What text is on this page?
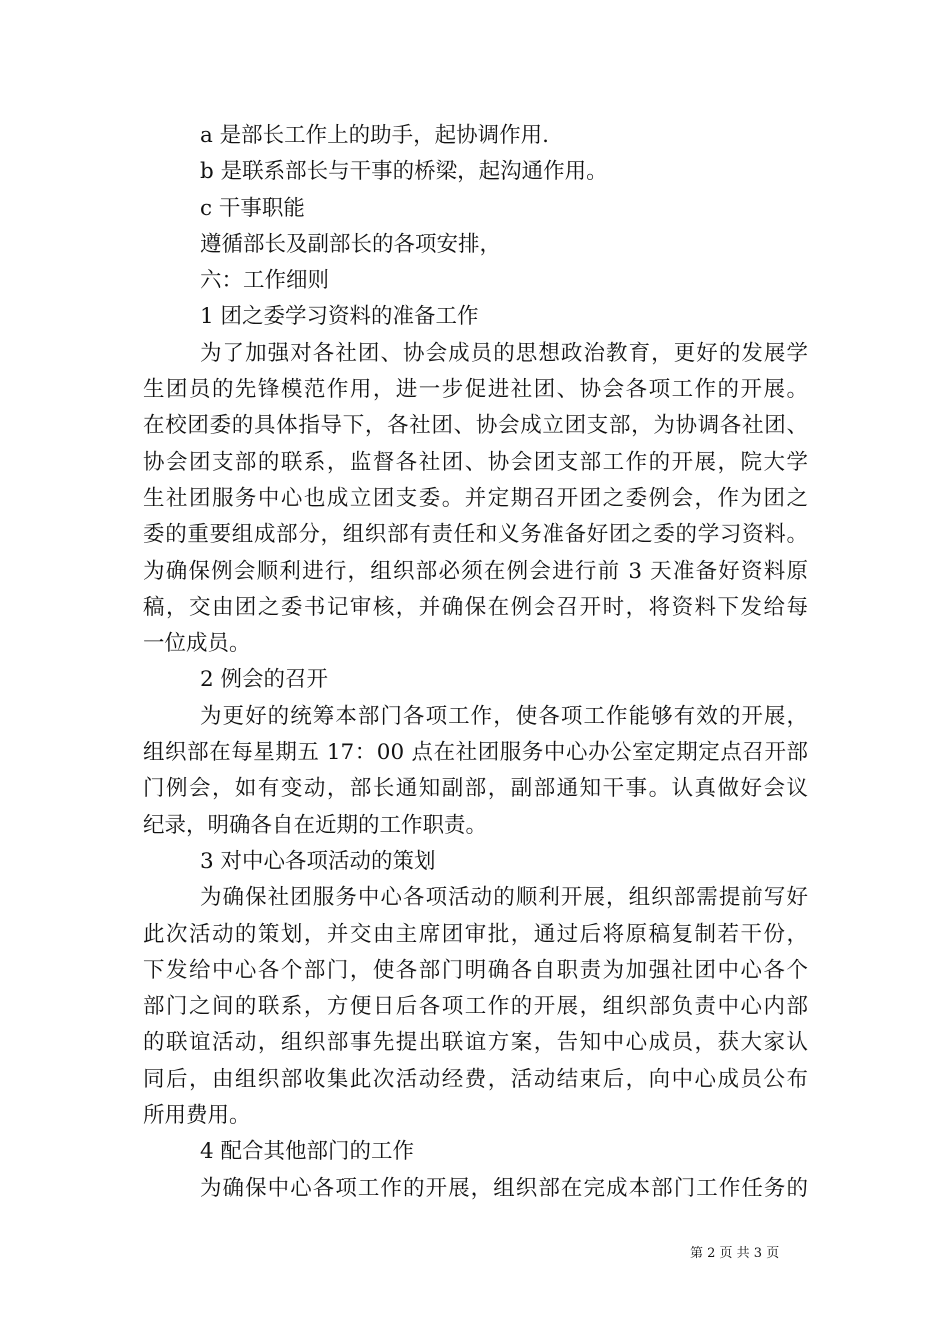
a 是部长工作上的助手，起协调作用.
b 是联系部长与干事的桥梁，起沟通作用。
c 干事职能
遵循部长及副部长的各项安排，
六：工作细则
1 团之委学习资料的准备工作
为了加强对各社团、协会成员的思想政治教育，更好的发展学
生团员的先锋模范作用，进一步促进社团、协会各项工作的开展。
在校团委的具体指导下，各社团、协会成立团支部，为协调各社团、
协会团支部的联系，监督各社团、协会团支部工作的开展，院大学
生社团服务中心也成立团支委。并定期召开团之委例会，作为团之
委的重要组成部分，组织部有责任和义务准备好团之委的学习资料。
为确保例会顺利进行，组织部必须在例会进行前 3 天准备好资料原
稿，交由团之委书记审核，并确保在例会召开时，将资料下发给每
一位成员。
2 例会的召开
为更好的统筹本部门各项工作，使各项工作能够有效的开展，
组织部在每星期五 17：00 点在社团服务中心办公室定期定点召开部
门例会，如有变动，部长通知副部，副部通知干事。认真做好会议
纪录，明确各自在近期的工作职责。
3 对中心各项活动的策划
为确保社团服务中心各项活动的顺利开展，组织部需提前写好
此次活动的策划，并交由主席团审批，通过后将原稿复制若干份，
下发给中心各个部门，使各部门明确各自职责为加强社团中心各个
部门之间的联系，方便日后各项工作的开展，组织部负责中心内部
的联谊活动，组织部事先提出联谊方案，告知中心成员，获大家认
同后，由组织部收集此次活动经费，活动结束后，向中心成员公布
所用费用。
4 配合其他部门的工作
为确保中心各项工作的开展，组织部在完成本部门工作任务的
第 2 页 共 3 页
